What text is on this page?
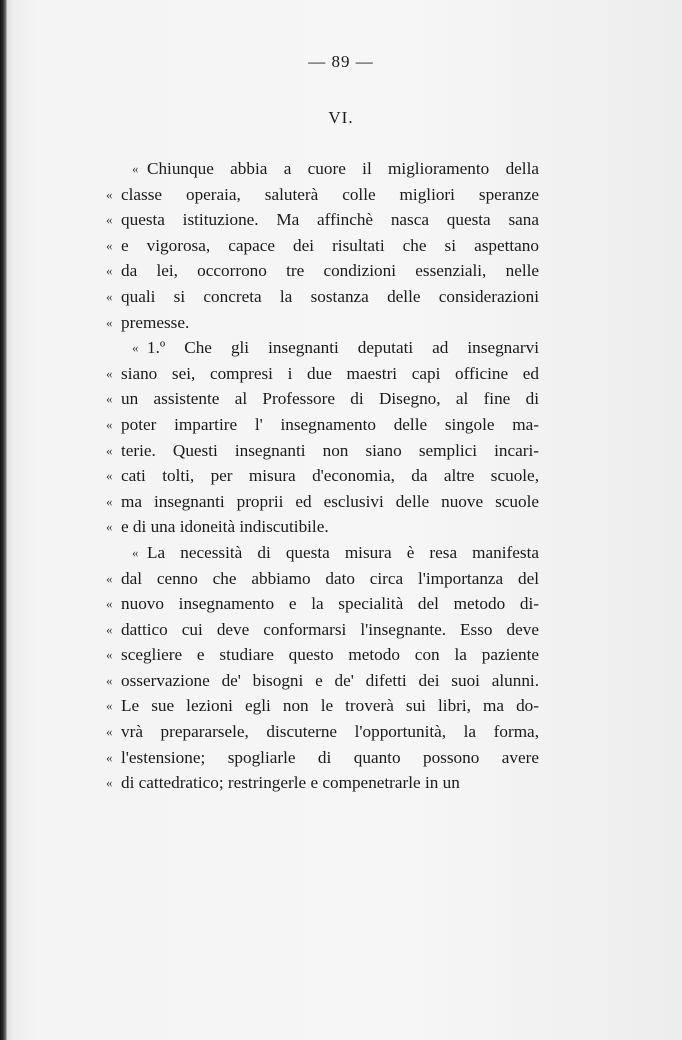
— 89 —
VI.
« Chiunque abbia a cuore il miglioramento della
« classe operaia, saluterà colle migliori speranze
« questa istituzione. Ma affinchè nasca questa sana
« e vigorosa, capace dei risultati che si aspettano
« da lei, occorrono tre condizioni essenziali, nelle
« quali si concreta la sostanza delle considerazioni
« premesse.
« 1.º Che gli insegnanti deputati ad insegnarvi
« siano sei, compresi i due maestri capi officine ed
« un assistente al Professore di Disegno, al fine di
« poter impartire l' insegnamento delle singole ma-
« terie. Questi insegnanti non siano semplici incari-
« cati tolti, per misura d'economia, da altre scuole,
« ma insegnanti proprii ed esclusivi delle nuove scuole
« e di una idoneità indiscutibile.
« La necessità di questa misura è resa manifesta
« dal cenno che abbiamo dato circa l'importanza del
« nuovo insegnamento e la specialità del metodo di-
« dattico cui deve conformarsi l'insegnante. Esso deve
« scegliere e studiare questo metodo con la paziente
« osservazione de' bisogni e de' difetti dei suoi alunni.
« Le sue lezioni egli non le troverà sui libri, ma do-
« vrà prepararsele, discuterne l'opportunità, la forma,
« l'estensione; spogliarle di quanto possono avere
« di cattedratico; restringerle e compenetrarle in un
